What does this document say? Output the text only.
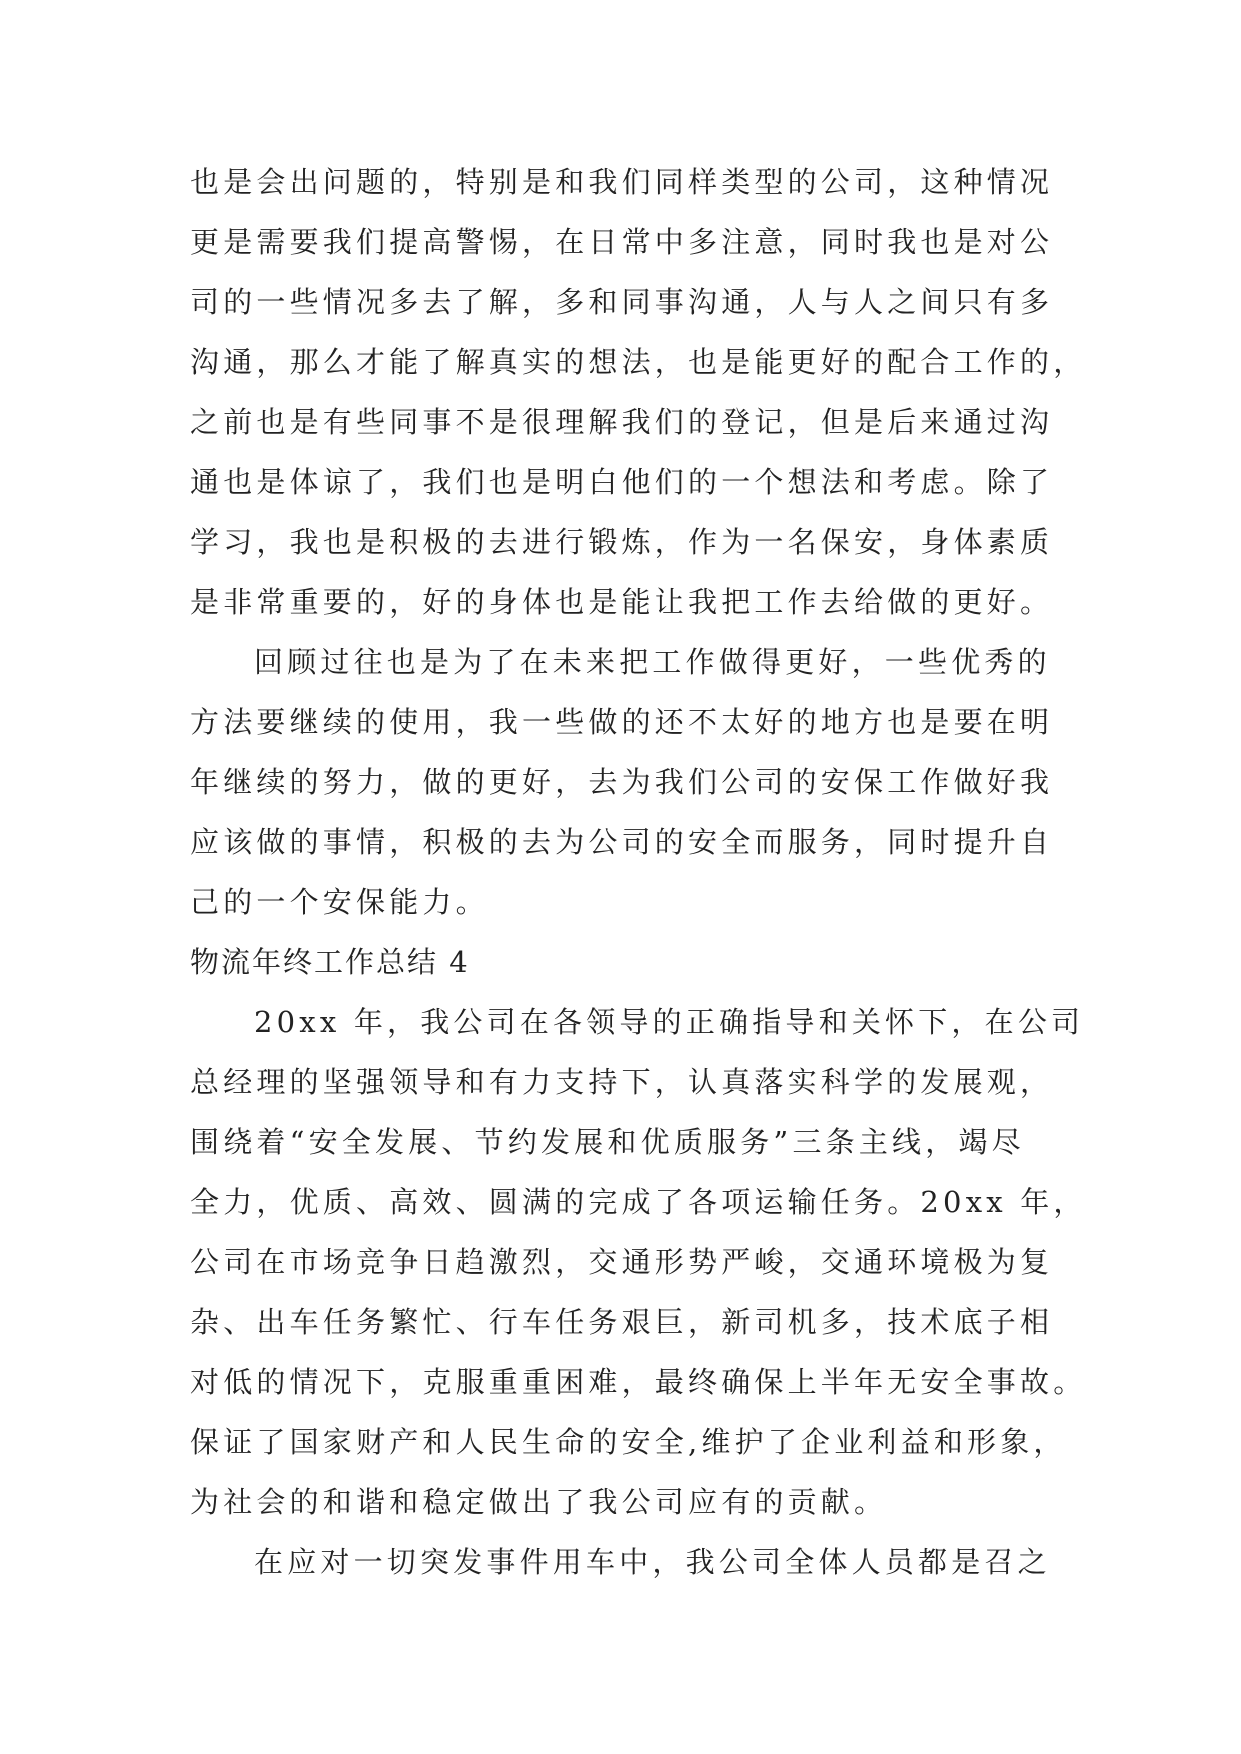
也是会出问题的，特别是和我们同样类型的公司，这种情况
更是需要我们提高警惕，在日常中多注意，同时我也是对公
司的一些情况多去了解，多和同事沟通，人与人之间只有多
沟通，那么才能了解真实的想法，也是能更好的配合工作的，
之前也是有些同事不是很理解我们的登记，但是后来通过沟
通也是体谅了，我们也是明白他们的一个想法和考虑。除了
学习，我也是积极的去进行锻炼，作为一名保安，身体素质
是非常重要的，好的身体也是能让我把工作去给做的更好。
回顾过往也是为了在未来把工作做得更好，一些优秀的
方法要继续的使用，我一些做的还不太好的地方也是要在明
年继续的努力，做的更好，去为我们公司的安保工作做好我
应该做的事情，积极的去为公司的安全而服务，同时提升自
己的一个安保能力。
物流年终工作总结 4
20xx 年，我公司在各领导的正确指导和关怀下，在公司
总经理的坚强领导和有力支持下，认真落实科学的发展观，
围绕着“安全发展、节约发展和优质服务”三条主线，竭尽
全力，优质、高效、圆满的完成了各项运输任务。20xx 年，
公司在市场竞争日趋激烈，交通形势严峻，交通环境极为复
杂、出车任务繁忙、行车任务艰巨，新司机多，技术底子相
对低的情况下，克服重重困难，最终确保上半年无安全事故。
保证了国家财产和人民生命的安全,维护了企业利益和形象，
为社会的和谐和稳定做出了我公司应有的贡献。
在应对一切突发事件用车中，我公司全体人员都是召之
